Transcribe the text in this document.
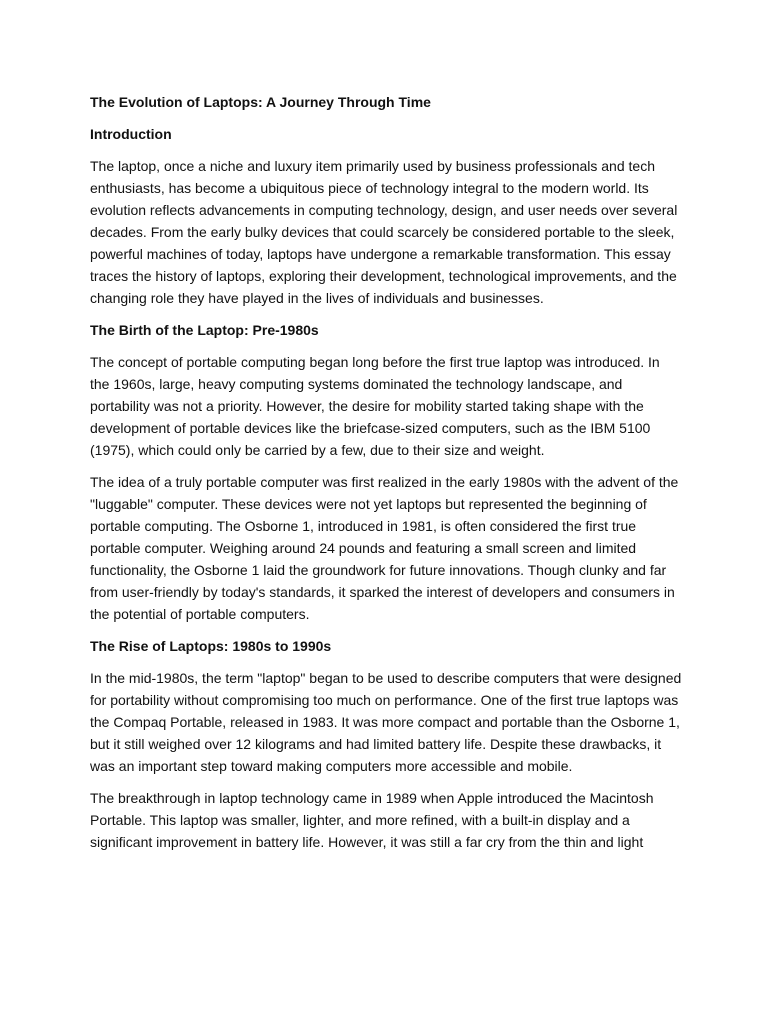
The Evolution of Laptops: A Journey Through Time
Introduction

The laptop, once a niche and luxury item primarily used by business professionals and tech enthusiasts, has become a ubiquitous piece of technology integral to the modern world. Its evolution reflects advancements in computing technology, design, and user needs over several decades. From the early bulky devices that could scarcely be considered portable to the sleek, powerful machines of today, laptops have undergone a remarkable transformation. This essay traces the history of laptops, exploring their development, technological improvements, and the changing role they have played in the lives of individuals and businesses.

The Birth of the Laptop: Pre-1980s

The concept of portable computing began long before the first true laptop was introduced. In the 1960s, large, heavy computing systems dominated the technology landscape, and portability was not a priority. However, the desire for mobility started taking shape with the development of portable devices like the briefcase-sized computers, such as the IBM 5100 (1975), which could only be carried by a few, due to their size and weight.

The idea of a truly portable computer was first realized in the early 1980s with the advent of the "luggable" computer. These devices were not yet laptops but represented the beginning of portable computing. The Osborne 1, introduced in 1981, is often considered the first true portable computer. Weighing around 24 pounds and featuring a small screen and limited functionality, the Osborne 1 laid the groundwork for future innovations. Though clunky and far from user-friendly by today's standards, it sparked the interest of developers and consumers in the potential of portable computers.

The Rise of Laptops: 1980s to 1990s

In the mid-1980s, the term "laptop" began to be used to describe computers that were designed for portability without compromising too much on performance. One of the first true laptops was the Compaq Portable, released in 1983. It was more compact and portable than the Osborne 1, but it still weighed over 12 kilograms and had limited battery life. Despite these drawbacks, it was an important step toward making computers more accessible and mobile.

The breakthrough in laptop technology came in 1989 when Apple introduced the Macintosh Portable. This laptop was smaller, lighter, and more refined, with a built-in display and a significant improvement in battery life. However, it was still a far cry from the thin and light
